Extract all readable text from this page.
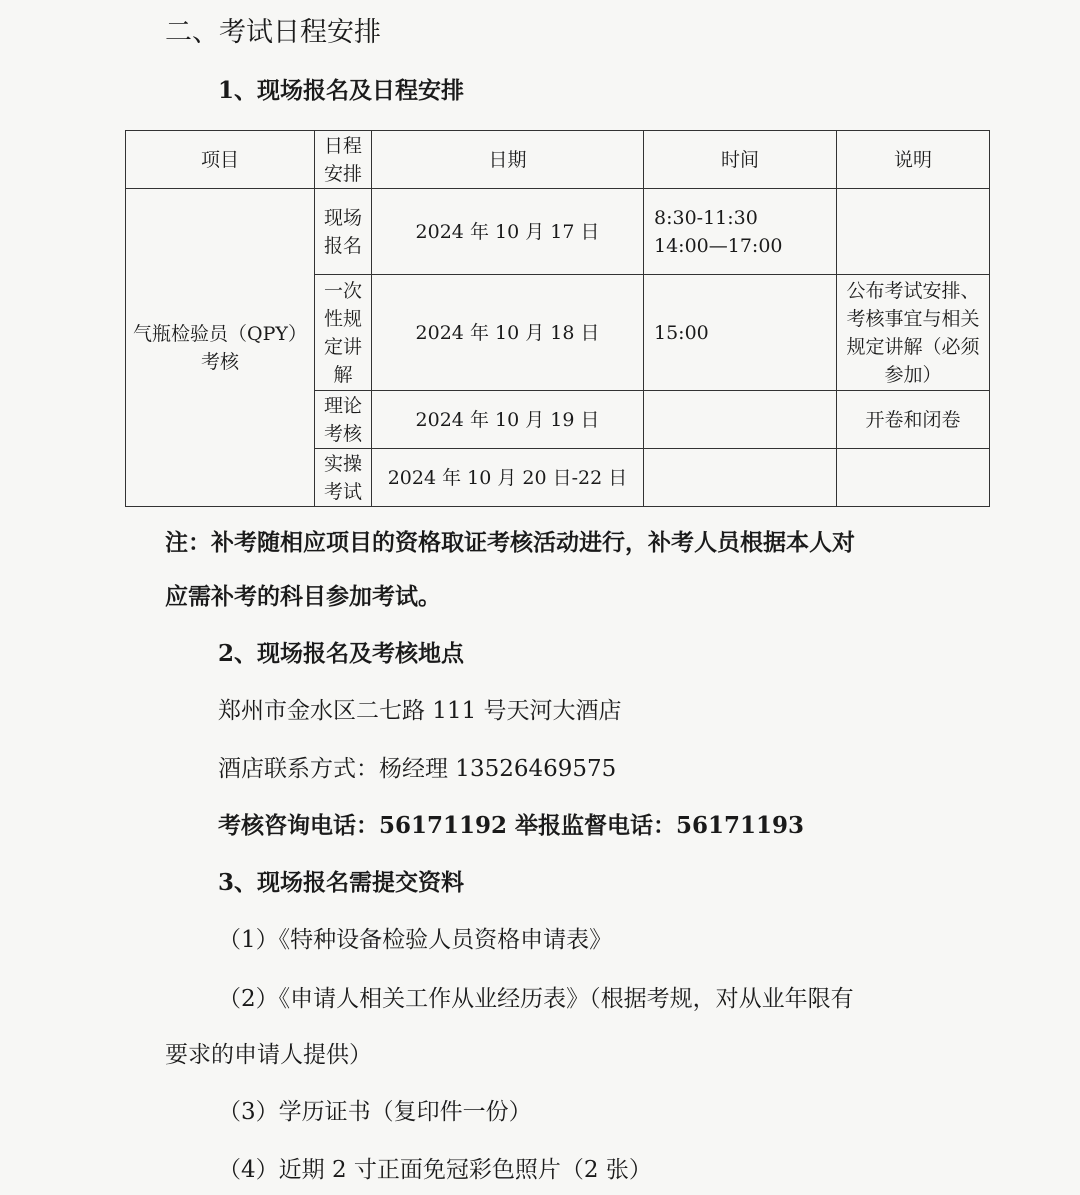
二、考试日程安排
1、现场报名及日程安排
项目	日程安排	日期	时间	说明
气瓶检验员（QPY）考核	现场报名	2024 年 10 月 17 日	8:30-11:30
14:00—17:00	

	一次性规定讲解	2024 年 10 月 18 日	15:00	公布考试安排、考核事宜与相关规定讲解（必须参加）
	理论考核	2024 年 10 月 19 日		开卷和闭卷
	实操考试	2024 年 10 月 20 日-22 日		
注：补考随相应项目的资格取证考核活动进行，补考人员根据本人对
应需补考的科目参加考试。
2、现场报名及考核地点
郑州市金水区二七路 111 号天河大酒店
酒店联系方式：杨经理 13526469575
考核咨询电话：56171192 举报监督电话：56171193
3、现场报名需提交资料
（1）《特种设备检验人员资格申请表》
（2）《申请人相关工作从业经历表》（根据考规，对从业年限有
要求的申请人提供）
（3）学历证书（复印件一份）
（4）近期 2 寸正面免冠彩色照片（2 张）
